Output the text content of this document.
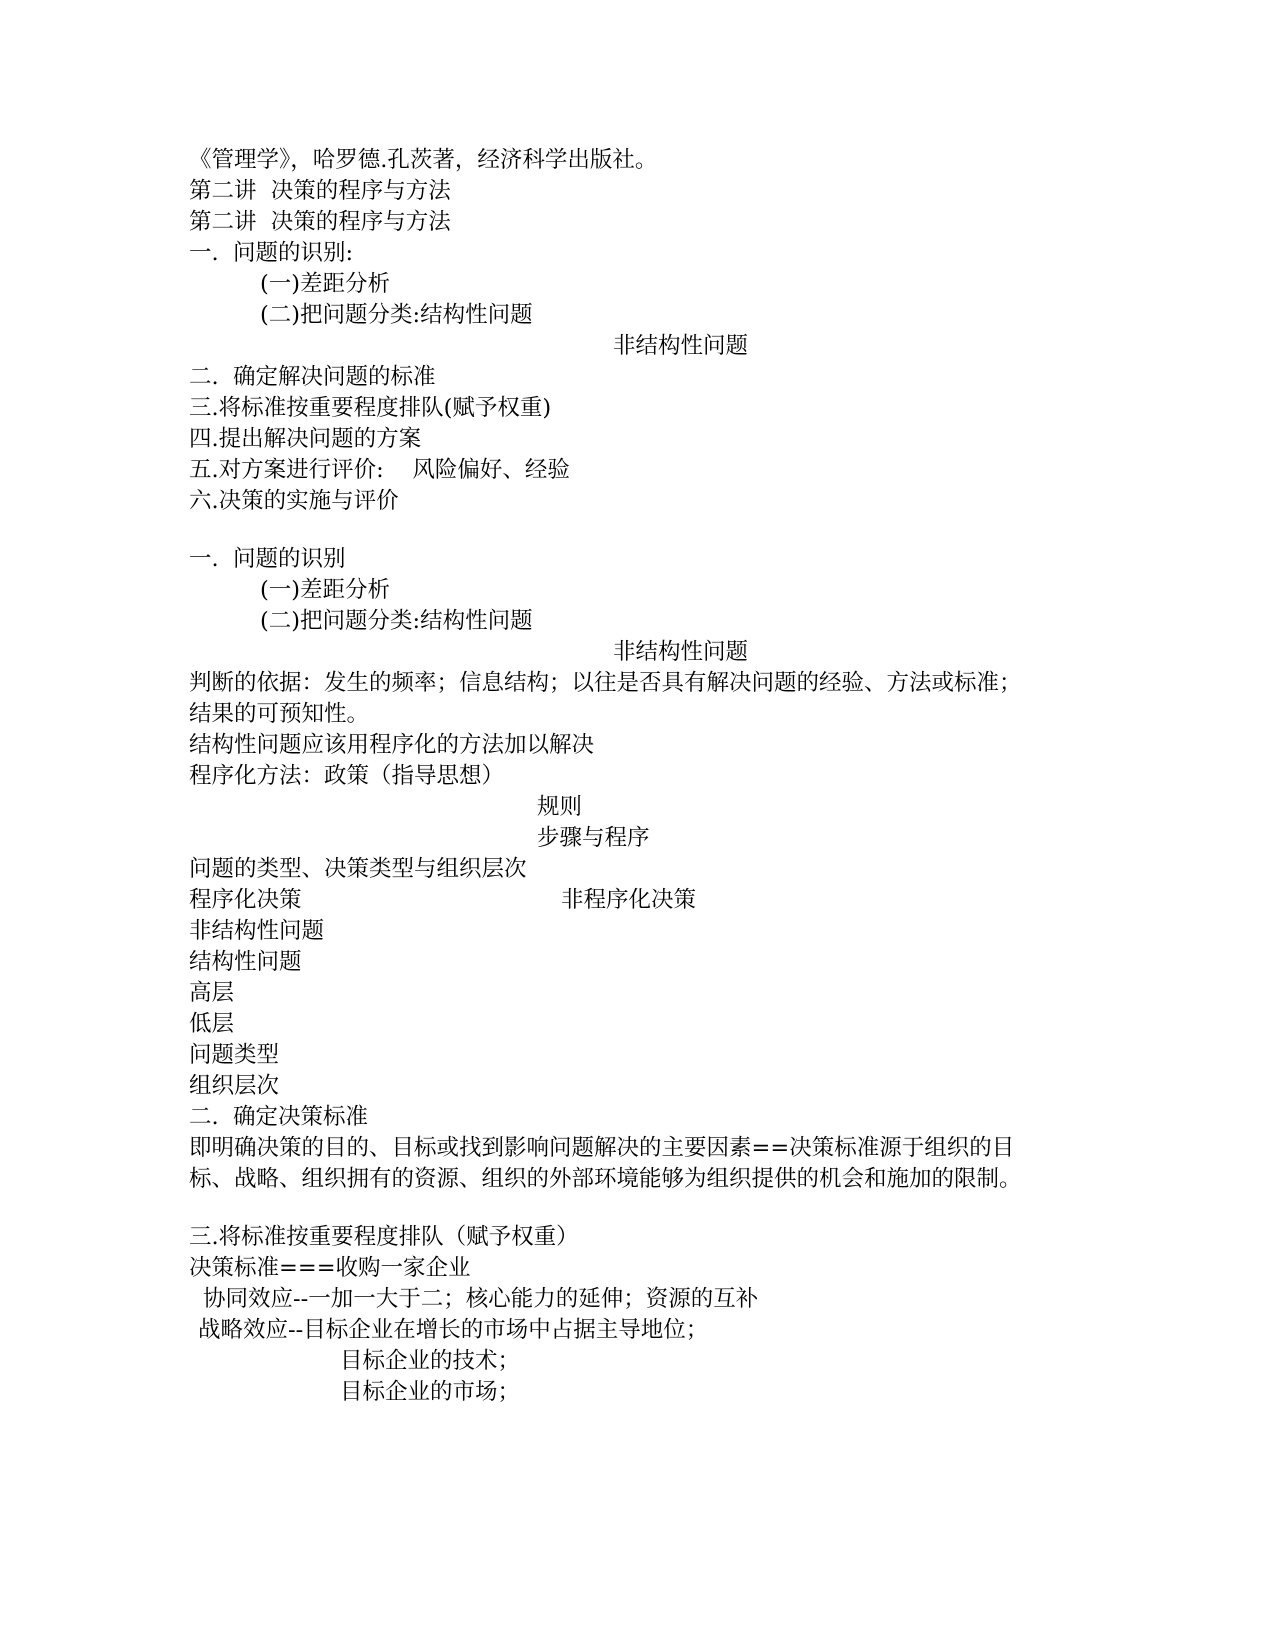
《管理学》，哈罗德.孔茨著，经济科学出版社。
第二讲  决策的程序与方法
第二讲  决策的程序与方法
一.  问题的识别:
(一)差距分析
(二)把问题分类:结构性问题
非结构性问题
二.  确定解决问题的标准
三.将标准按重要程度排队(赋予权重)
四.提出解决问题的方案
五.对方案进行评价:    风险偏好、经验
六.决策的实施与评价
一.  问题的识别
(一)差距分析
(二)把问题分类:结构性问题
非结构性问题
判断的依据：发生的频率；信息结构；以往是否具有解决问题的经验、方法或标准；
结果的可预知性。
结构性问题应该用程序化的方法加以解决
程序化方法：政策（指导思想）
规则
步骤与程序
问题的类型、决策类型与组织层次
程序化决策	非程序化决策
非结构性问题
结构性问题
高层
低层
问题类型
组织层次
二.  确定决策标准
即明确决策的目的、目标或找到影响问题解决的主要因素==决策标准源于组织的目
标、战略、组织拥有的资源、组织的外部环境能够为组织提供的机会和施加的限制。
三.将标准按重要程度排队（赋予权重）
决策标准===收购一家企业
协同效应--一加一大于二；核心能力的延伸；资源的互补
战略效应--目标企业在增长的市场中占据主导地位；
目标企业的技术；
目标企业的市场；
